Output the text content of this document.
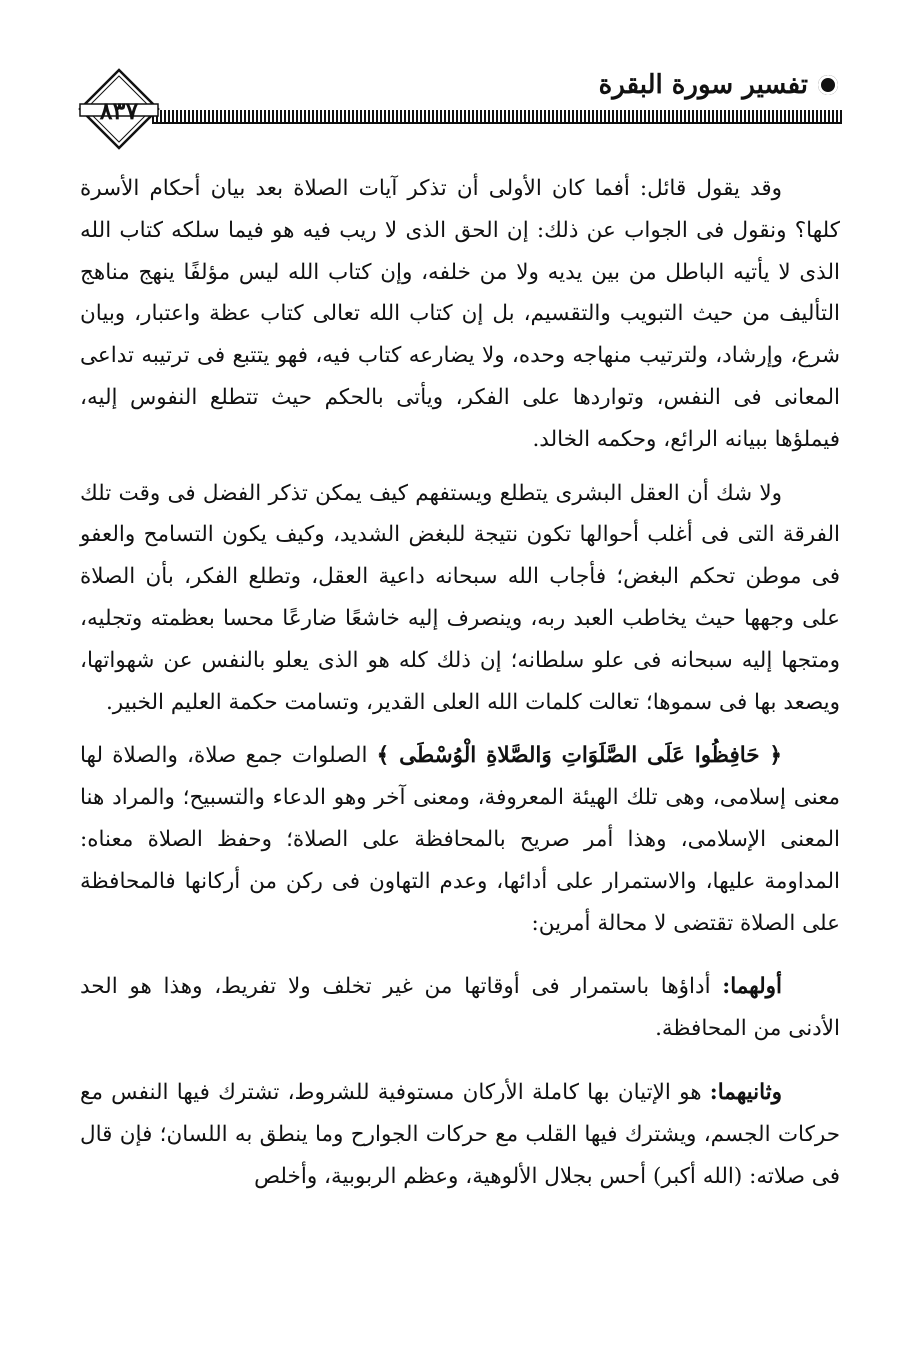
تفسير سورة البقرة
٨٣٧

وقد يقول قائل: أفما كان الأولى أن تذكر آيات الصلاة بعد بيان أحكام الأسرة كلها؟ ونقول فى الجواب عن ذلك: إن الحق الذى لا ريب فيه هو فيما سلكه كتاب الله الذى لا يأتيه الباطل من بين يديه ولا من خلفه، وإن كتاب الله ليس مؤلفًا ينهج مناهج التأليف من حيث التبويب والتقسيم، بل إن كتاب الله تعالى كتاب عظة واعتبار، وبيان شرع، وإرشاد، ولترتيب منهاجه وحده، ولا يضارعه كتاب فيه، فهو يتتبع فى ترتيبه تداعى المعانى فى النفس، وتواردها على الفكر، ويأتى بالحكم حيث تتطلع النفوس إليه، فيملؤها ببيانه الرائع، وحكمه الخالد.

ولا شك أن العقل البشرى يتطلع ويستفهم كيف يمكن تذكر الفضل فى وقت تلك الفرقة التى فى أغلب أحوالها تكون نتيجة للبغض الشديد، وكيف يكون التسامح والعفو فى موطن تحكم البغض؛ فأجاب الله سبحانه داعية العقل، وتطلع الفكر، بأن الصلاة على وجهها حيث يخاطب العبد ربه، وينصرف إليه خاشعًا ضارعًا محسا بعظمته وتجليه، ومتجها إليه سبحانه فى علو سلطانه؛ إن ذلك كله هو الذى يعلو بالنفس عن شهواتها، ويصعد بها فى سموها؛ تعالت كلمات الله العلى القدير، وتسامت حكمة العليم الخبير.

﴿ حَافِظُوا عَلَى الصَّلَوَاتِ وَالصَّلاةِ الْوُسْطَى ﴾ الصلوات جمع صلاة، والصلاة لها معنى إسلامى، وهى تلك الهيئة المعروفة، ومعنى آخر وهو الدعاء والتسبيح؛ والمراد هنا المعنى الإسلامى، وهذا أمر صريح بالمحافظة على الصلاة؛ وحفظ الصلاة معناه: المداومة عليها، والاستمرار على أدائها، وعدم التهاون فى ركن من أركانها فالمحافظة على الصلاة تقتضى لا محالة أمرين:

أولهما: أداؤها باستمرار فى أوقاتها من غير تخلف ولا تفريط، وهذا هو الحد الأدنى من المحافظة.

وثانيهما: هو الإتيان بها كاملة الأركان مستوفية للشروط، تشترك فيها النفس مع حركات الجسم، ويشترك فيها القلب مع حركات الجوارح وما ينطق به اللسان؛ فإن قال فى صلاته: (الله أكبر) أحس بجلال الألوهية، وعظم الربوبية، وأخلص
